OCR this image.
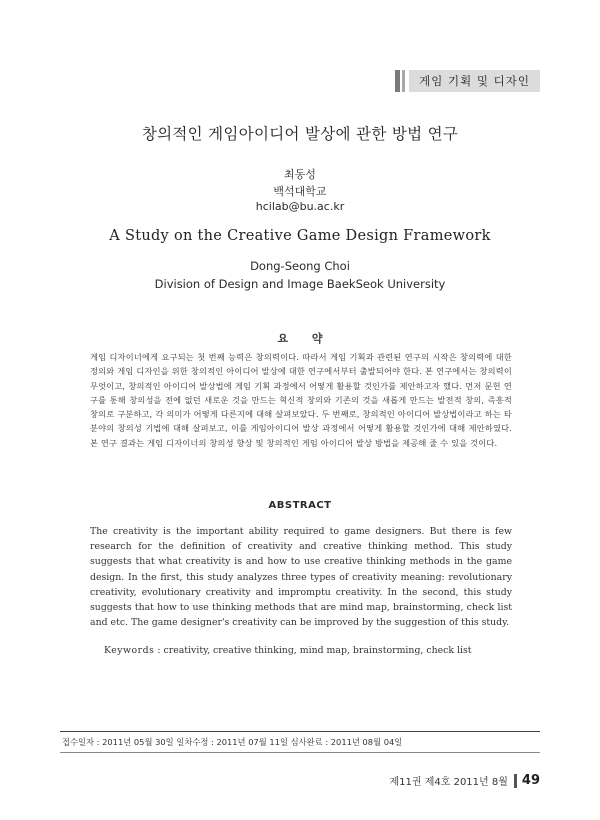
게임 기획 및 디자인
창의적인 게임아이디어 발상에 관한 방법 연구
최동성
백석대학교
hcilab@bu.ac.kr
A Study on the Creative Game Design Framework
Dong-Seong Choi
Division of Design and Image BaekSeok University
요 약
게임 디자이너에게 요구되는 첫 번째 능력은 창의력이다. 따라서 게임 기획과 관련된 연구의 시작은 창의력에 대한 정의와 게임 디자인을 위한 창의적인 아이디어 발상에 대한 연구에서부터 출발되어야 한다. 본 연구에서는 창의력이 무엇이고, 창의적인 아이디어 발상법에 게임 기획 과정에서 어떻게 활용할 것인가를 제안하고자 했다. 먼저 문헌 연구를 통해 창의성을 전에 없던 새로운 것을 만드는 혁신적 창의와 기존의 것을 새롭게 만드는 발전적 창의, 즉흥적 창의로 구분하고, 각 의미가 어떻게 다른지에 대해 살펴보았다. 두 번째로, 창의적인 아이디어 발상법이라고 하는 타 분야의 창의성 기법에 대해 살펴보고, 이를 게임아이디어 발상 과정에서 어떻게 활용할 것인가에 대해 제안하였다. 본 연구 결과는 게임 디자이너의 창의성 향상 및 창의적인 게임 아이디어 발상 방법을 제공해 줄 수 있을 것이다.
ABSTRACT
The creativity is the important ability required to game designers. But there is few research for the definition of creativity and creative thinking method. This study suggests that what creativity is and how to use creative thinking methods in the game design. In the first, this study analyzes three types of creativity meaning: revolutionary creativity, evolutionary creativity and impromptu creativity. In the second, this study suggests that how to use thinking methods that are mind map, brainstorming, check list and etc. The game designer's creativity can be improved by the suggestion of this study.
Keywords : creativity, creative thinking, mind map, brainstorming, check list
접수일자 : 2011년 05월 30일 일차수정 : 2011년 07월 11일 심사완료 : 2011년 08월 04일
제11권 제4호 2011년 8월 49
